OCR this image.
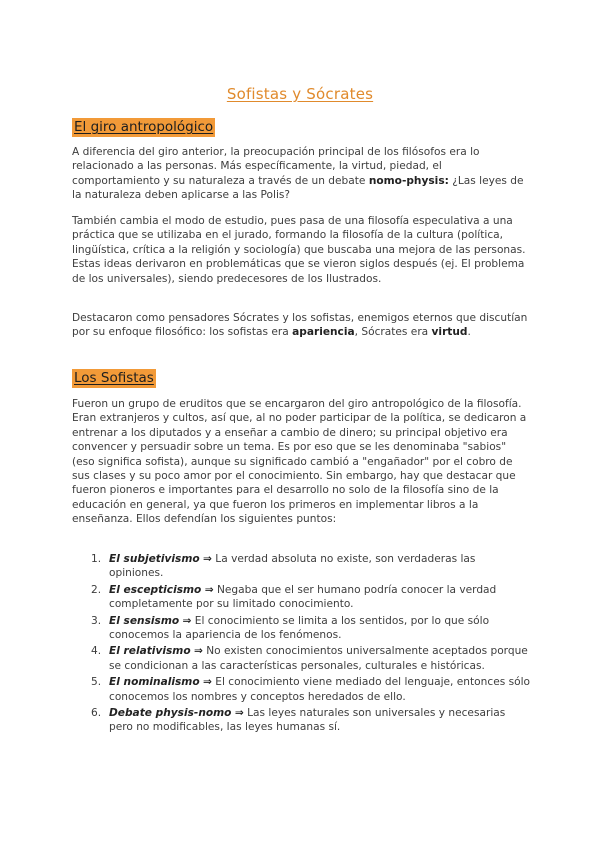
Sofistas y Sócrates
El giro antropológico

A diferencia del giro anterior, la preocupación principal de los filósofos era lo relacionado a las personas. Más específicamente, la virtud, piedad, el comportamiento y su naturaleza a través de un debate nomo-physis: ¿Las leyes de la naturaleza deben aplicarse a las Polis?

También cambia el modo de estudio, pues pasa de una filosofía especulativa a una práctica que se utilizaba en el jurado, formando la filosofía de la cultura (política, lingüística, crítica a la religión y sociología) que buscaba una mejora de las personas. Estas ideas derivaron en problemáticas que se vieron siglos después (ej. El problema de los universales), siendo predecesores de los Ilustrados.

Destacaron como pensadores Sócrates y los sofistas, enemigos eternos que discutían por su enfoque filosófico: los sofistas era apariencia, Sócrates era virtud.

Los Sofistas

Fueron un grupo de eruditos que se encargaron del giro antropológico de la filosofía. Eran extranjeros y cultos, así que, al no poder participar de la política, se dedicaron a entrenar a los diputados y a enseñar a cambio de dinero; su principal objetivo era convencer y persuadir sobre un tema. Es por eso que se les denominaba "sabios" (eso significa sofista), aunque su significado cambió a "engañador" por el cobro de sus clases y su poco amor por el conocimiento. Sin embargo, hay que destacar que fueron pioneros e importantes para el desarrollo no solo de la filosofía sino de la educación en general, ya que fueron los primeros en implementar libros a la enseñanza. Ellos defendían los siguientes puntos:

1. El subjetivismo ⇒ La verdad absoluta no existe, son verdaderas las opiniones.
2. El escepticismo ⇒ Negaba que el ser humano podría conocer la verdad completamente por su limitado conocimiento.
3. El sensismo ⇒ El conocimiento se limita a los sentidos, por lo que sólo conocemos la apariencia de los fenómenos.
4. El relativismo ⇒ No existen conocimientos universalmente aceptados porque se condicionan a las características personales, culturales e históricas.
5. El nominalismo ⇒ El conocimiento viene mediado del lenguaje, entonces sólo conocemos los nombres y conceptos heredados de ello.
6. Debate physis-nomo ⇒ Las leyes naturales son universales y necesarias pero no modificables, las leyes humanas sí.
